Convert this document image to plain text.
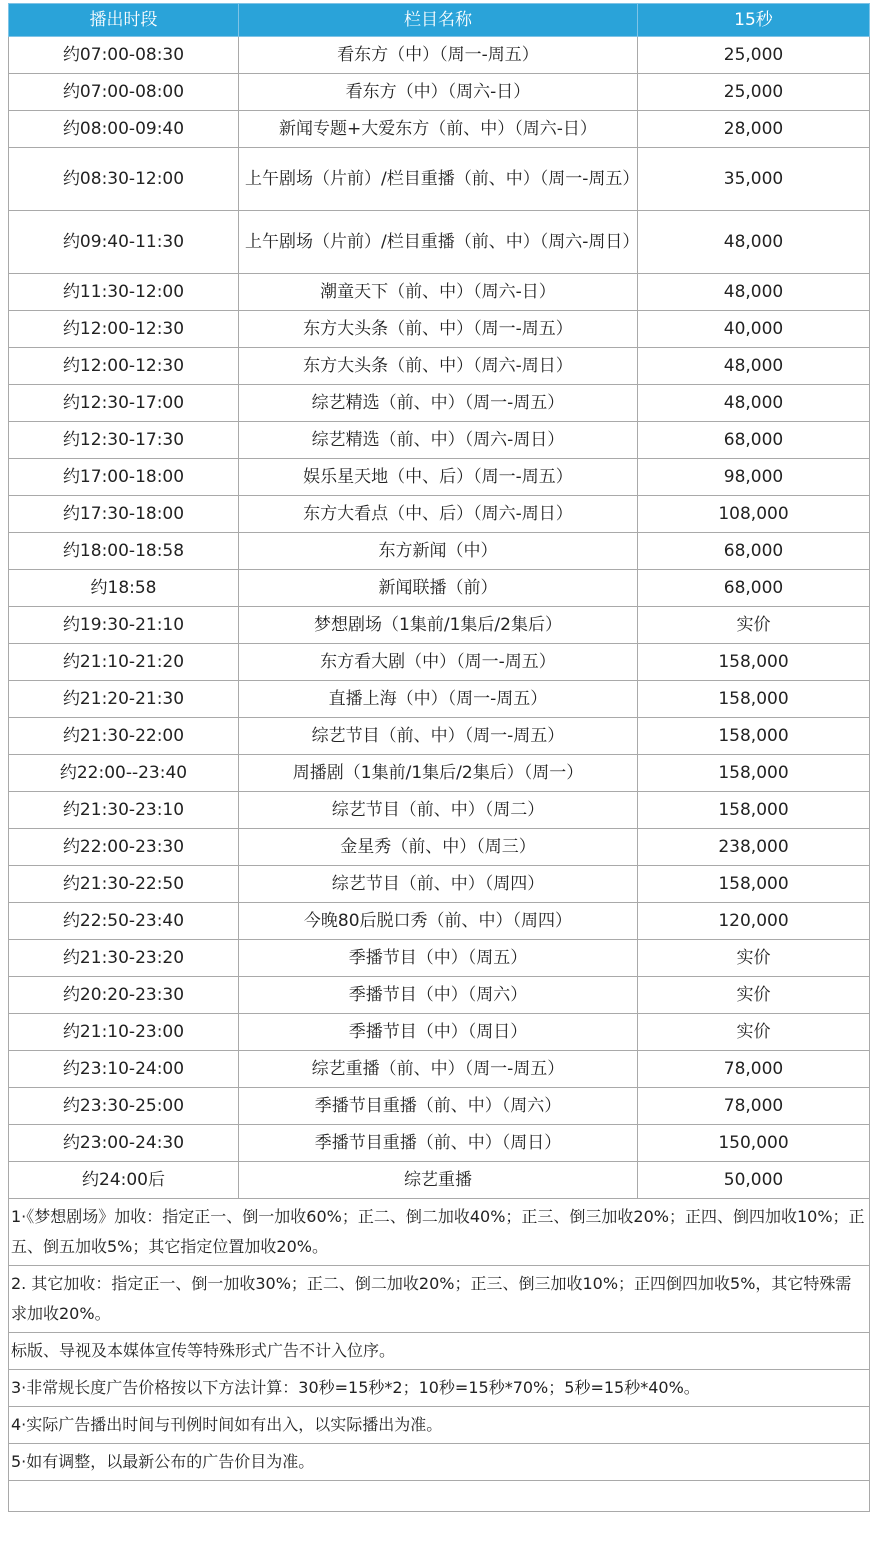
播出时段	栏目名称	15秒
约07:00-08:30	看东方（中）（周一-周五）	25,000
约07:00-08:00	看东方（中）（周六-日）	25,000
约08:00-09:40	新闻专题+大爱东方（前、中）（周六-日）	28,000
约08:30-12:00	上午剧场（片前）/栏目重播（前、中）（周一-周五）	35,000
约09:40-11:30	上午剧场（片前）/栏目重播（前、中）（周六-周日）	48,000
约11:30-12:00	潮童天下（前、中）（周六-日）	48,000
约12:00-12:30	东方大头条（前、中）（周一-周五）	40,000
约12:00-12:30	东方大头条（前、中）（周六-周日）	48,000
约12:30-17:00	综艺精选（前、中）（周一-周五）	48,000
约12:30-17:30	综艺精选（前、中）（周六-周日）	68,000
约17:00-18:00	娱乐星天地（中、后）（周一-周五）	98,000
约17:30-18:00	东方大看点（中、后）（周六-周日）	108,000
约18:00-18:58	东方新闻（中）	68,000
约18:58	新闻联播（前）	68,000
约19:30-21:10	梦想剧场（1集前/1集后/2集后）	实价
约21:10-21:20	东方看大剧（中）（周一-周五）	158,000
约21:20-21:30	直播上海（中）（周一-周五）	158,000
约21:30-22:00	综艺节目（前、中）（周一-周五）	158,000
约22:00--23:40	周播剧（1集前/1集后/2集后）（周一）	158,000
约21:30-23:10	综艺节目（前、中）（周二）	158,000
约22:00-23:30	金星秀（前、中）（周三）	238,000
约21:30-22:50	综艺节目（前、中）（周四）	158,000
约22:50-23:40	今晚80后脱口秀（前、中）（周四）	120,000
约21:30-23:20	季播节目（中）（周五）	实价
约20:20-23:30	季播节目（中）（周六）	实价
约21:10-23:00	季播节目（中）（周日）	实价
约23:10-24:00	综艺重播（前、中）（周一-周五）	78,000
约23:30-25:00	季播节目重播（前、中）（周六）	78,000
约23:00-24:30	季播节目重播（前、中）（周日）	150,000
约24:00后	综艺重播	50,000
1·《梦想剧场》加收：指定正一、倒一加收60%；正二、倒二加收40%；正三、倒三加收20%；正四、倒四加收10%；正五、倒五加收5%；其它指定位置加收20%。		
2. 其它加收：指定正一、倒一加收30%；正二、倒二加收20%；正三、倒三加收10%；正四倒四加收5%，其它特殊需求加收20%。		
标版、导视及本媒体宣传等特殊形式广告不计入位序。		
3·非常规长度广告价格按以下方法计算：30秒=15秒*2；10秒=15秒*70%；5秒=15秒*40%。		
4·实际广告播出时间与刊例时间如有出入，以实际播出为准。		
5·如有调整，以最新公布的广告价目为准。		
